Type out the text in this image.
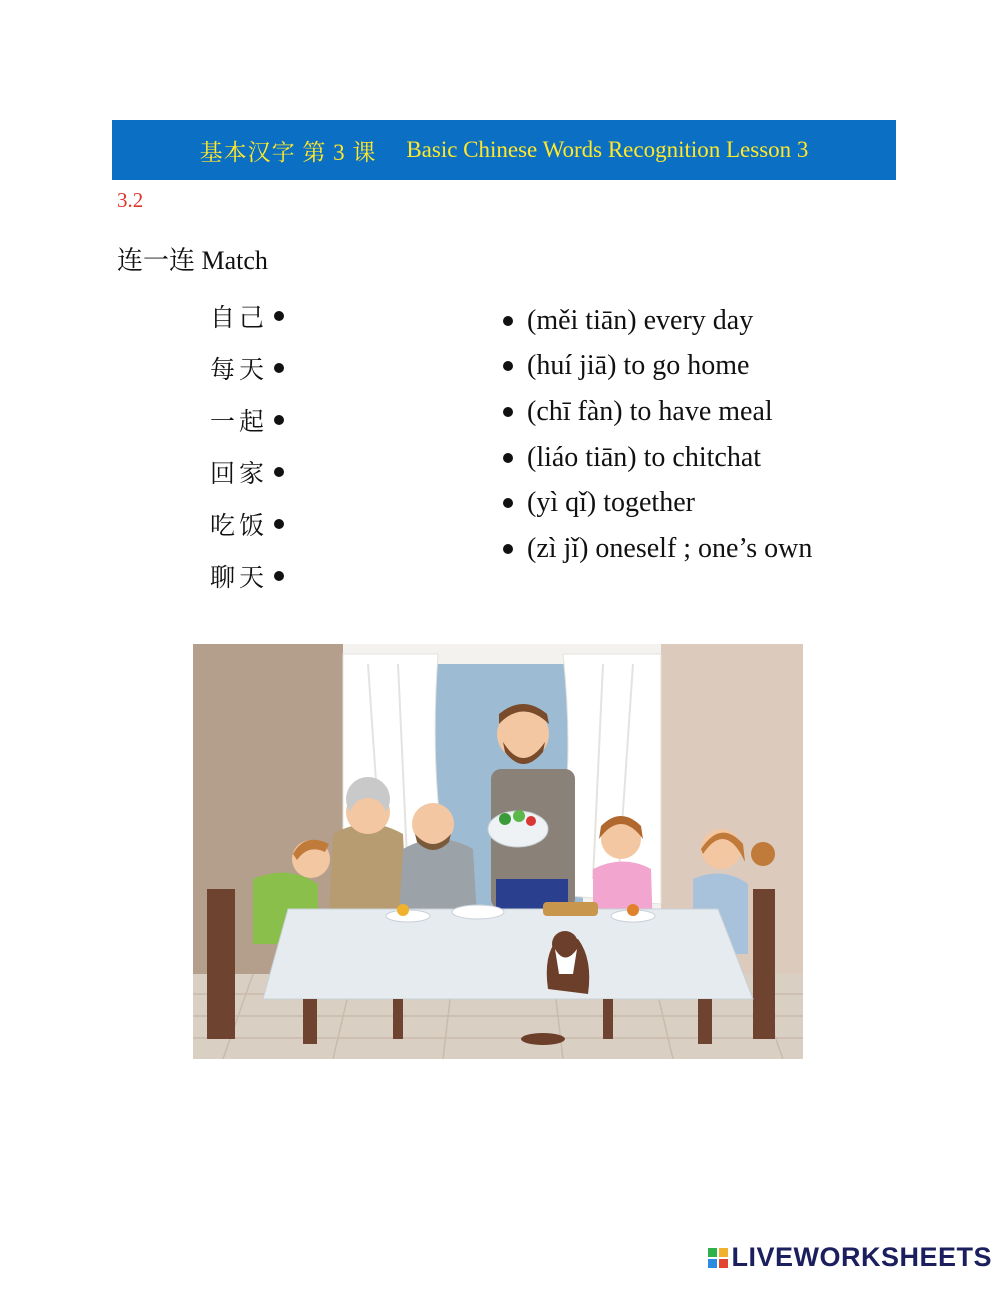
基本汉字 第 3 课 Basic Chinese Words Recognition Lesson 3
3.2
连一连 Match
自己
每天
一起
回家
吃饭
聊天
(měi tiān) every day
(huí jiā) to go home
(chī fàn) to have meal
(liáo tiān) to chitchat
(yì qǐ) together
(zì jǐ) oneself ; one’s own
LIVEWORKSHEETS
